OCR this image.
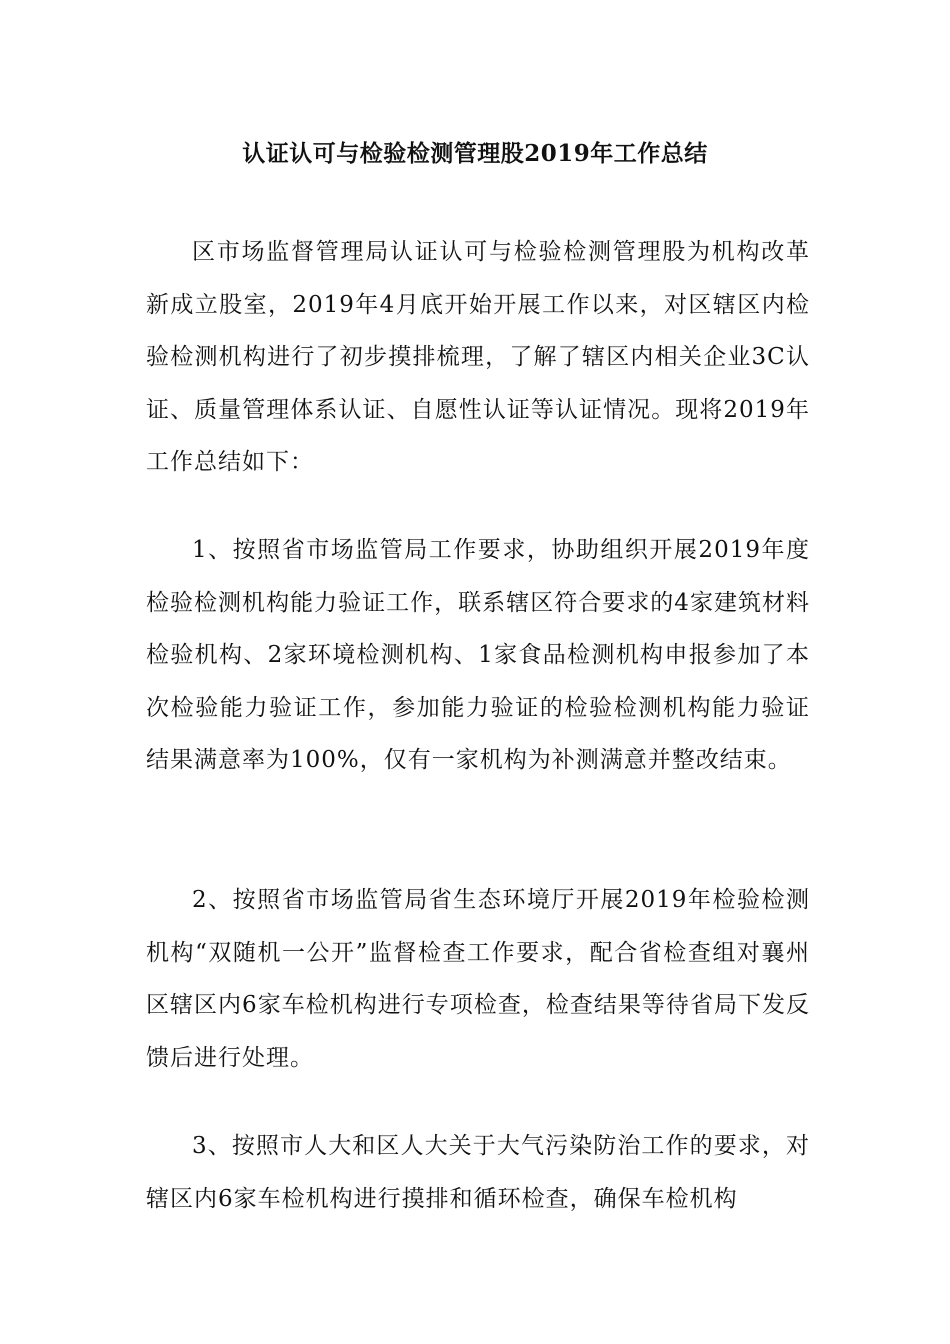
认证认可与检验检测管理股2019年工作总结

区市场监督管理局认证认可与检验检测管理股为机构改革新成立股室，2019年4月底开始开展工作以来，对区辖区内检验检测机构进行了初步摸排梳理，了解了辖区内相关企业3C认证、质量管理体系认证、自愿性认证等认证情况。现将2019年工作总结如下：

1、按照省市场监管局工作要求，协助组织开展2019年度检验检测机构能力验证工作，联系辖区符合要求的4家建筑材料检验机构、2家环境检测机构、1家食品检测机构申报参加了本次检验能力验证工作，参加能力验证的检验检测机构能力验证结果满意率为100%，仅有一家机构为补测满意并整改结束。

2、按照省市场监管局省生态环境厅开展2019年检验检测机构“双随机一公开”监督检查工作要求，配合省检查组对襄州区辖区内6家车检机构进行专项检查，检查结果等待省局下发反馈后进行处理。

3、按照市人大和区人大关于大气污染防治工作的要求，对辖区内6家车检机构进行摸排和循环检查，确保车检机构
